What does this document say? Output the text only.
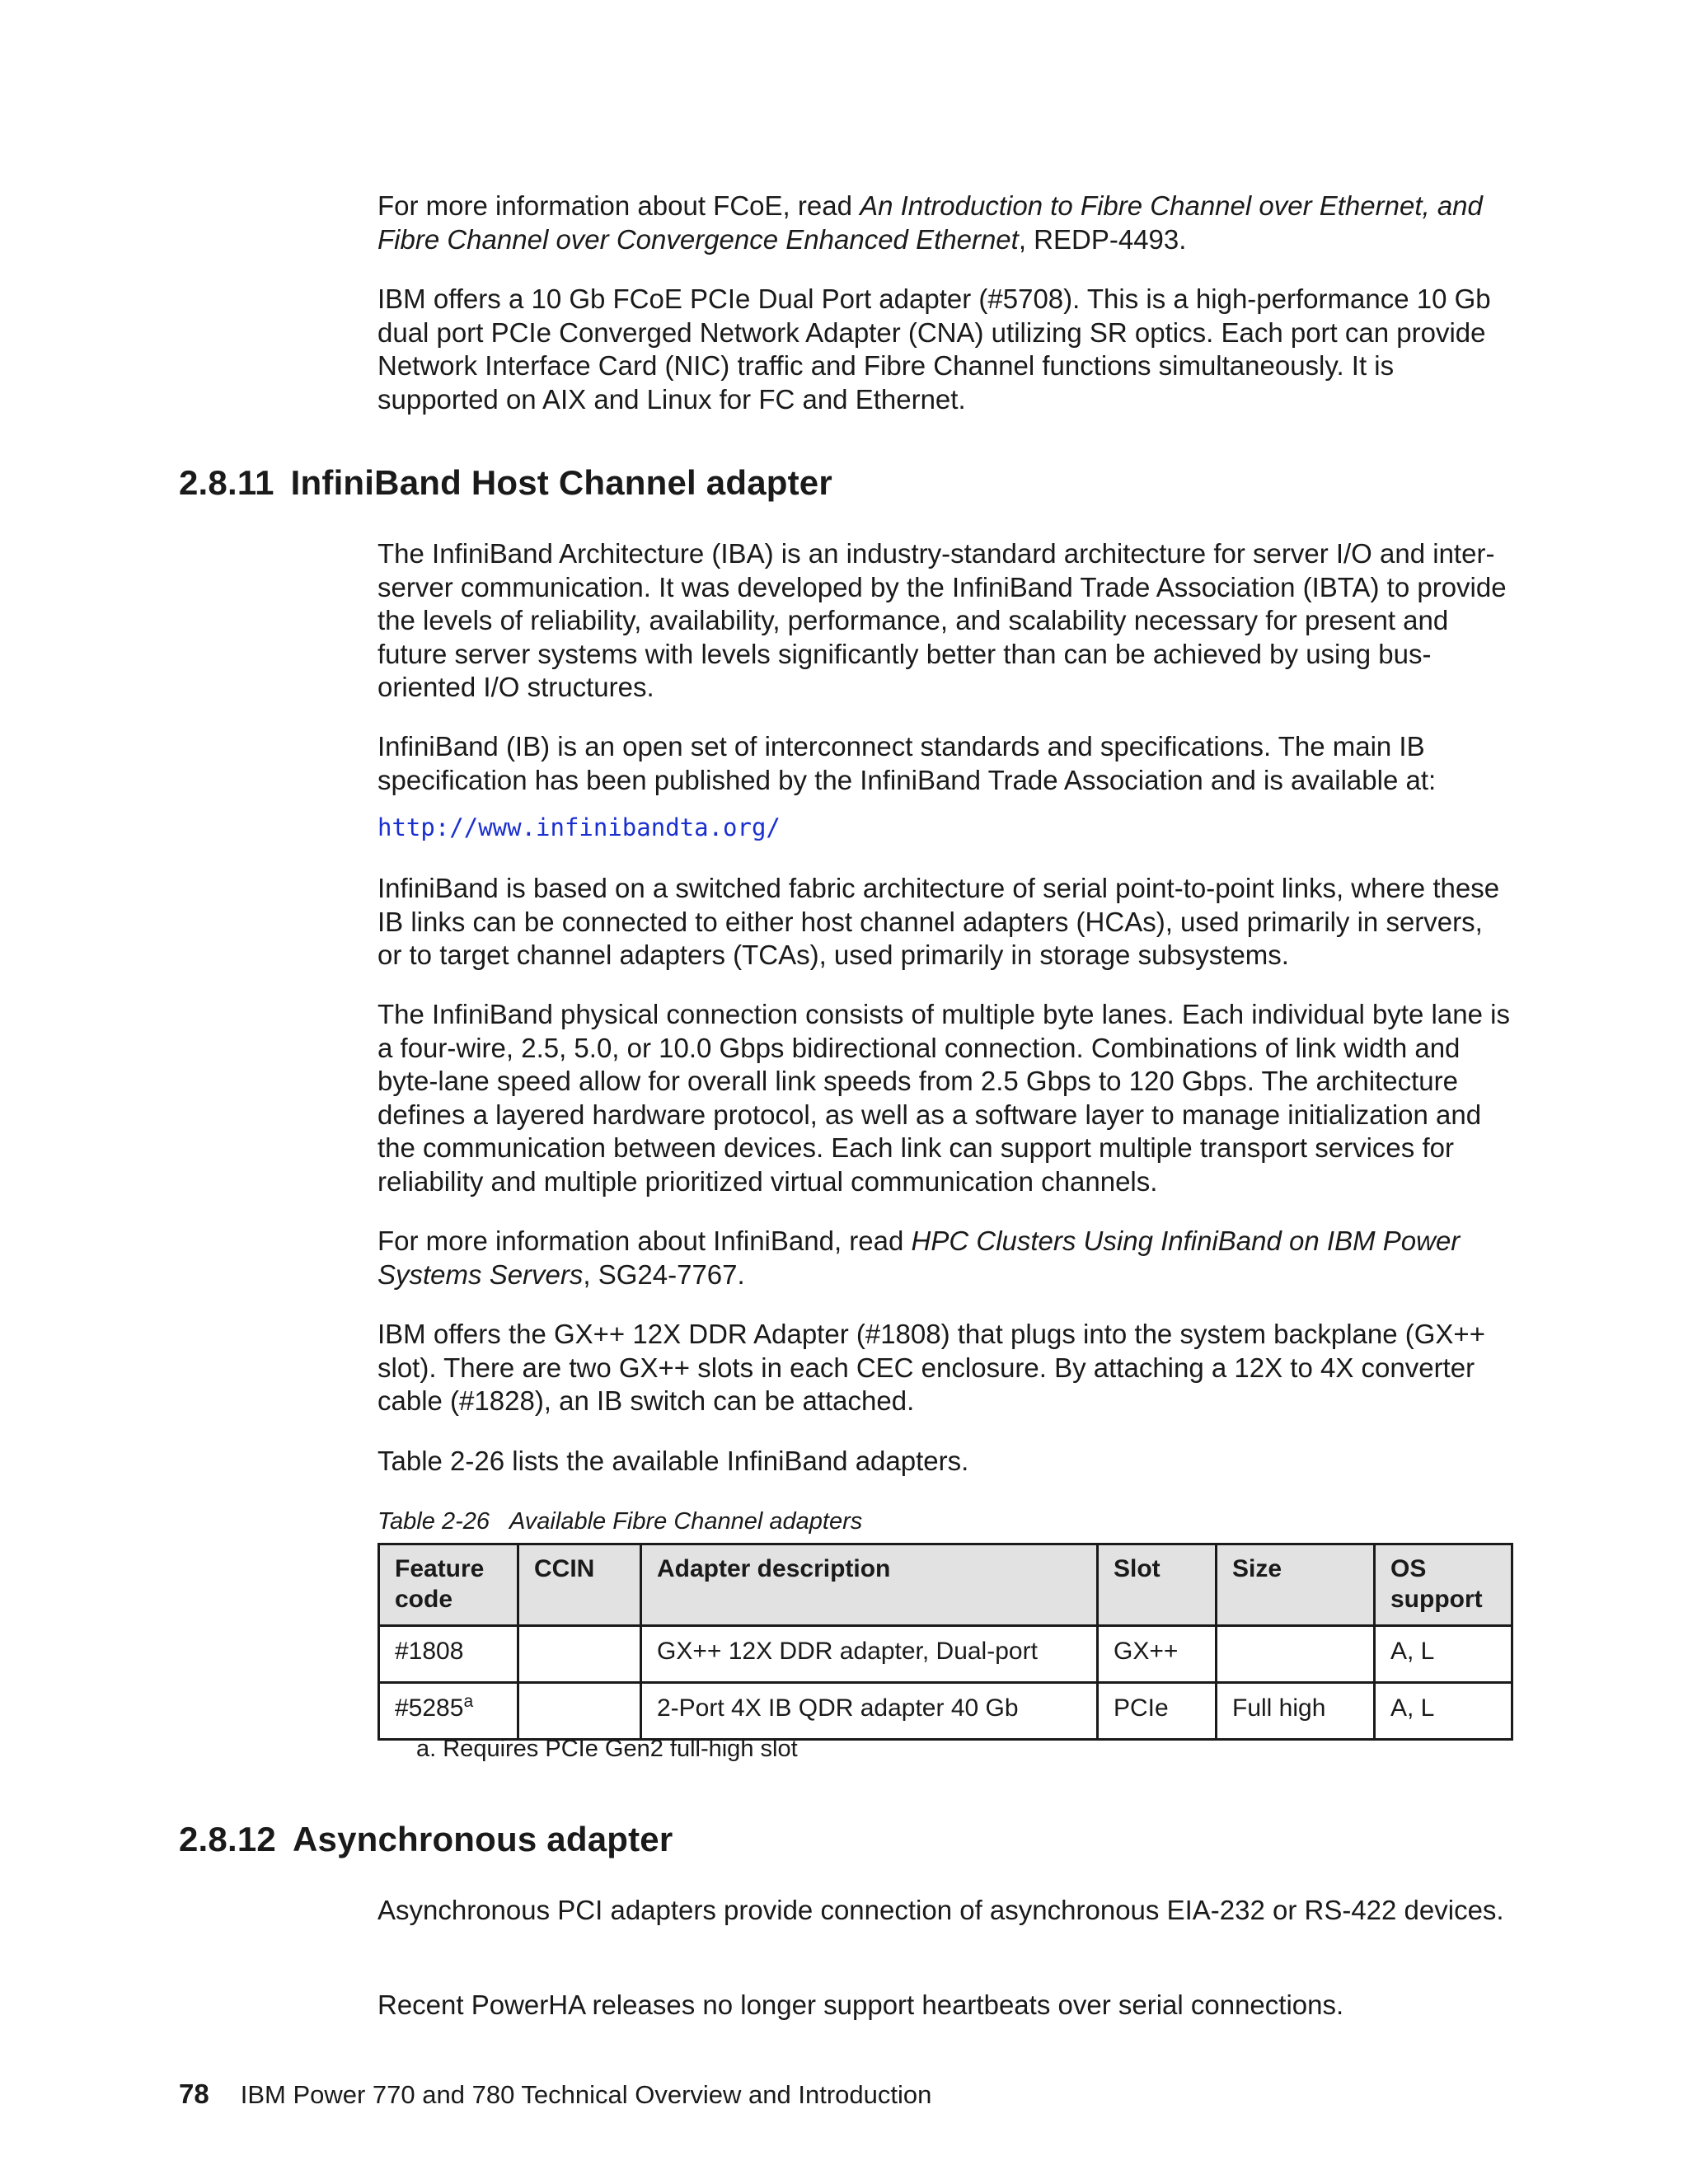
For more information about FCoE, read An Introduction to Fibre Channel over Ethernet, and Fibre Channel over Convergence Enhanced Ethernet, REDP-4493.

IBM offers a 10 Gb FCoE PCIe Dual Port adapter (#5708). This is a high-performance 10 Gb dual port PCIe Converged Network Adapter (CNA) utilizing SR optics. Each port can provide Network Interface Card (NIC) traffic and Fibre Channel functions simultaneously. It is supported on AIX and Linux for FC and Ethernet.

2.8.11 InfiniBand Host Channel adapter

The InfiniBand Architecture (IBA) is an industry-standard architecture for server I/O and inter-server communication. It was developed by the InfiniBand Trade Association (IBTA) to provide the levels of reliability, availability, performance, and scalability necessary for present and future server systems with levels significantly better than can be achieved by using bus-oriented I/O structures.

InfiniBand (IB) is an open set of interconnect standards and specifications. The main IB specification has been published by the InfiniBand Trade Association and is available at:

http://www.infinibandta.org/

InfiniBand is based on a switched fabric architecture of serial point-to-point links, where these IB links can be connected to either host channel adapters (HCAs), used primarily in servers, or to target channel adapters (TCAs), used primarily in storage subsystems.

The InfiniBand physical connection consists of multiple byte lanes. Each individual byte lane is a four-wire, 2.5, 5.0, or 10.0 Gbps bidirectional connection. Combinations of link width and byte-lane speed allow for overall link speeds from 2.5 Gbps to 120 Gbps. The architecture defines a layered hardware protocol, as well as a software layer to manage initialization and the communication between devices. Each link can support multiple transport services for reliability and multiple prioritized virtual communication channels.

For more information about InfiniBand, read HPC Clusters Using InfiniBand on IBM Power Systems Servers, SG24-7767.

IBM offers the GX++ 12X DDR Adapter (#1808) that plugs into the system backplane (GX++ slot). There are two GX++ slots in each CEC enclosure. By attaching a 12X to 4X converter cable (#1828), an IB switch can be attached.

Table 2-26 lists the available InfiniBand adapters.

Table 2-26 Available Fibre Channel adapters
Feature code	CCIN	Adapter description	Slot	Size	OS support
#1808		GX++ 12X DDR adapter, Dual-port	GX++		A, L
#5285$^a$		2-Port 4X IB QDR adapter 40 Gb	PCIe	Full high	A, L
a. Requires PCIe Gen2 full-high slot
2.8.12 Asynchronous adapter

Asynchronous PCI adapters provide connection of asynchronous EIA-232 or RS-422 devices.

Recent PowerHA releases no longer support heartbeats over serial connections.

78 IBM Power 770 and 780 Technical Overview and Introduction
